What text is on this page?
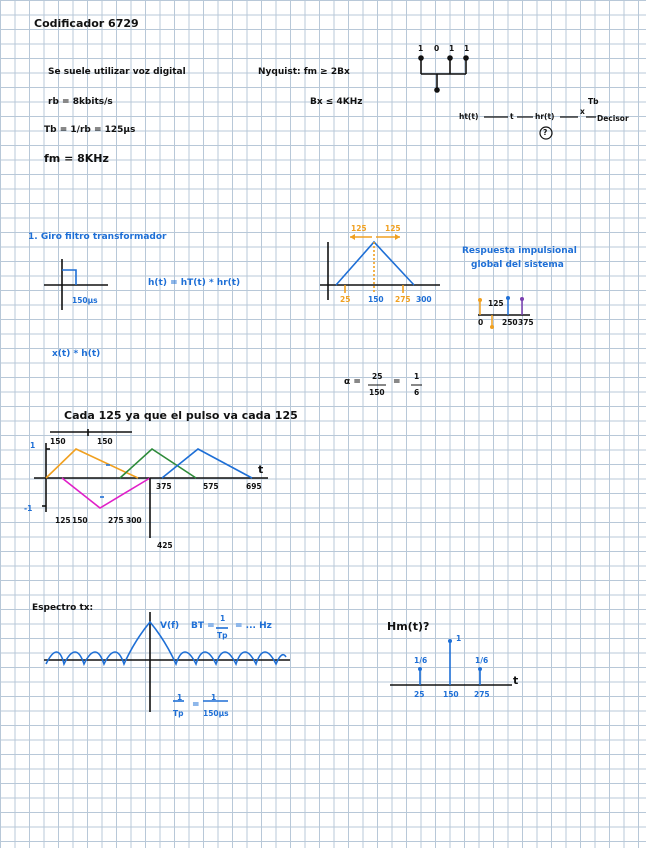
Codificador 6729
Se suele utilizar voz digital
rb = 8kbits/s
Tb = 1/rb = 125μs
fm = 8KHz
Nyquist: fm ≥ 2Bx
Bx ≤ 4KHz
1 0 1 1
ht(t)	t	hr(t)
Tb
x
Decisor
?
1. Giro filtro transformador
150μs
h(t) = hT(t) * hr(t)
125 125
25 150 275 300
Respuesta impulsional
global del sistema
125
0	250 375
x(t) * h(t)
α =
25
150
=
1
6
Cada 125 ya que el pulso va cada 125
150	150
1
-1
375	575	695
t
125 150	275 300
425
Espectro tx:
V(f) BT =
1
Tp
= ... Hz
1
Tp
=
1
150μs
Hm(t)?
1/6
1
1/6
25 150 275
t
